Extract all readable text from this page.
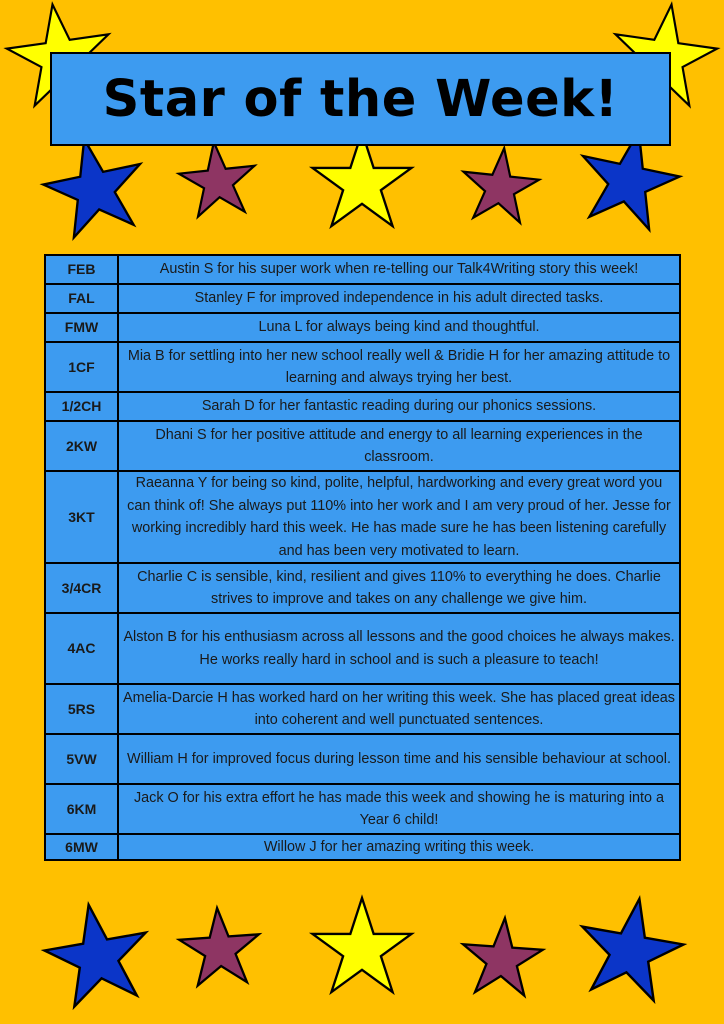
Star of the Week!
FEB	Austin S for his super work when re-telling our Talk4Writing story this week!
FAL	Stanley F for improved independence in his adult directed tasks.
FMW	Luna L for always being kind and thoughtful.
1CF	Mia B for settling into her new school really well & Bridie H for her amazing attitude to learning and always trying her best.
1/2CH	Sarah D for her fantastic reading during our phonics sessions.
2KW	Dhani S for her positive attitude and energy to all learning experiences in the classroom.
3KT	Raeanna Y for being so kind, polite, helpful, hardworking and every great word you can think of! She always put 110% into her work and I am very proud of her. Jesse for working incredibly hard this week. He has made sure he has been listening carefully and has been very motivated to learn.
3/4CR	Charlie C is sensible, kind, resilient and gives 110% to everything he does. Charlie strives to improve and takes on any challenge we give him.
4AC	Alston B for his enthusiasm across all lessons and the good choices he always makes. He works really hard in school and is such a pleasure to teach!
5RS	Amelia-Darcie H has worked hard on her writing this week. She has placed great ideas into coherent and well punctuated sentences.
5VW	William H for improved focus during lesson time and his sensible behaviour at school.
6KM	Jack O for his extra effort he has made this week and showing he is maturing into a Year 6 child!
6MW	Willow J for her amazing writing this week.
